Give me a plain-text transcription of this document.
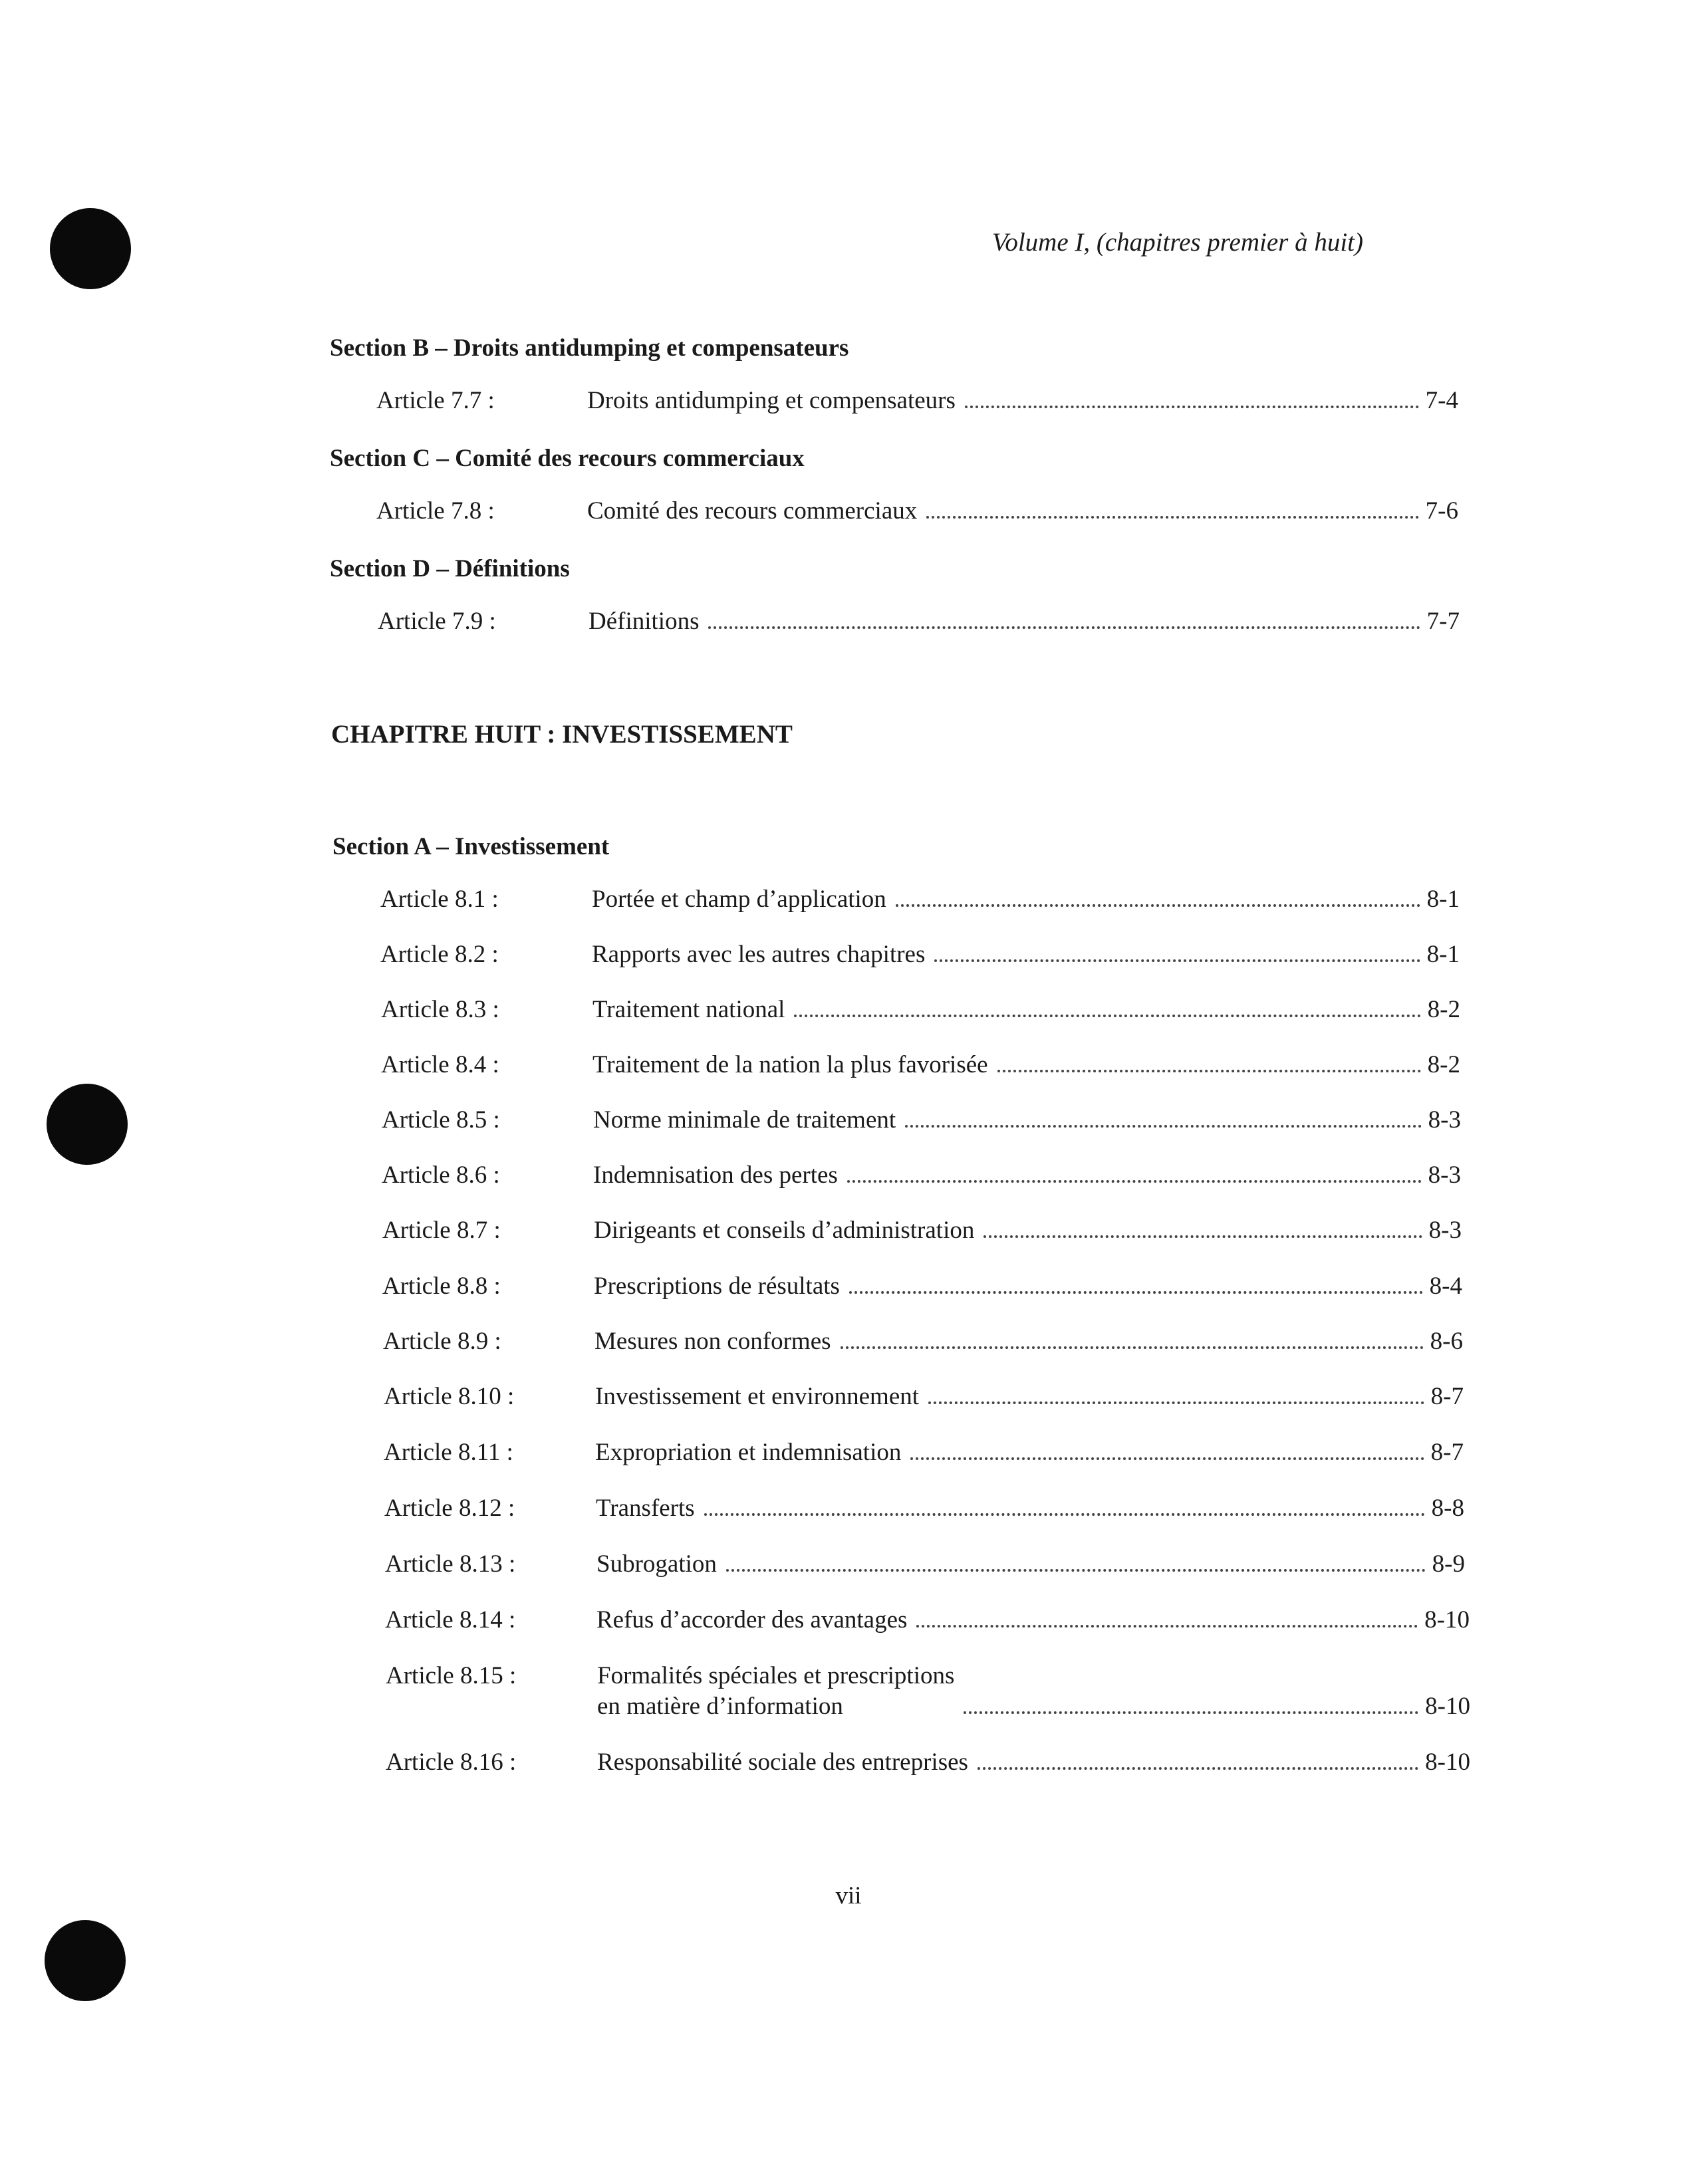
Volume I, (chapitres premier à huit)
Section B – Droits antidumping et compensateurs
Article 7.7 :	Droits antidumping et compensateurs	7-4
Section C – Comité des recours commerciaux
Article 7.8 :	Comité des recours commerciaux	7-6
Section D – Définitions
Article 7.9 :	Définitions	7-7
CHAPITRE HUIT : INVESTISSEMENT
Section A – Investissement
Article 8.1 :	Portée et champ d’application	8-1
Article 8.2 :	Rapports avec les autres chapitres	8-1
Article 8.3 :	Traitement national	8-2
Article 8.4 :	Traitement de la nation la plus favorisée	8-2
Article 8.5 :	Norme minimale de traitement	8-3
Article 8.6 :	Indemnisation des pertes	8-3
Article 8.7 :	Dirigeants et conseils d’administration	8-3
Article 8.8 :	Prescriptions de résultats	8-4
Article 8.9 :	Mesures non conformes	8-6
Article 8.10 :	Investissement et environnement	8-7
Article 8.11 :	Expropriation et indemnisation	8-7
Article 8.12 :	Transferts	8-8
Article 8.13 :	Subrogation	8-9
Article 8.14 :	Refus d’accorder des avantages	8-10
Article 8.15 :	Formalités spéciales et prescriptions
en matière d’information	8-10
Article 8.16 :	Responsabilité sociale des entreprises	8-10
vii
